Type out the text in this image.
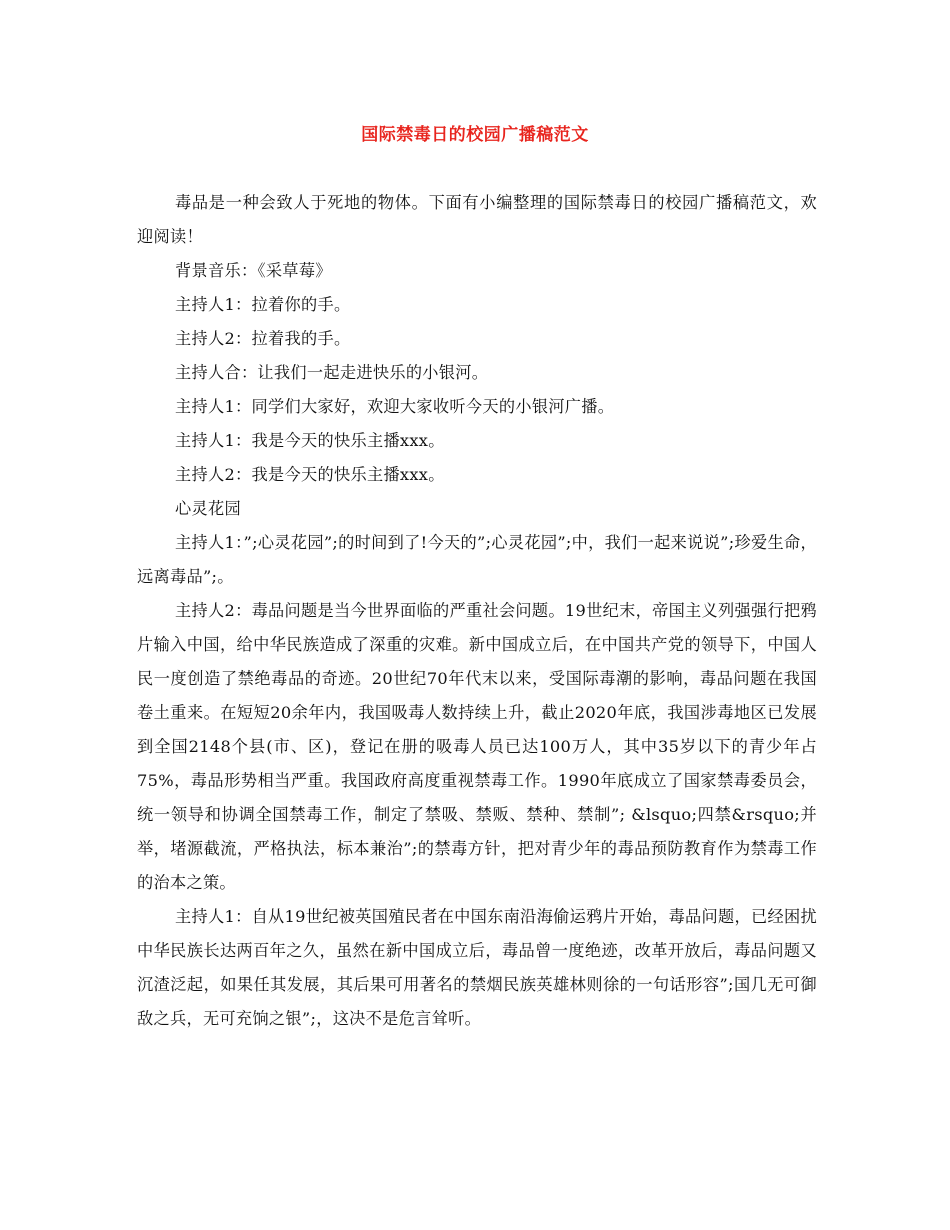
国际禁毒日的校园广播稿范文

毒品是一种会致人于死地的物体。下面有小编整理的国际禁毒日的校园广播稿范文，欢迎阅读！

背景音乐：《采草莓》

主持人1：拉着你的手。

主持人2：拉着我的手。

主持人合：让我们一起走进快乐的小银河。

主持人1：同学们大家好，欢迎大家收听今天的小银河广播。

主持人1：我是今天的快乐主播xxx。

主持人2：我是今天的快乐主播xxx。

心灵花园

主持人1：”;心灵花园”;的时间到了!今天的”;心灵花园”;中，我们一起来说说”;珍爱生命，远离毒品”;。

主持人2：毒品问题是当今世界面临的严重社会问题。19世纪末，帝国主义列强强行把鸦片输入中国，给中华民族造成了深重的灾难。新中国成立后，在中国共产党的领导下，中国人民一度创造了禁绝毒品的奇迹。20世纪70年代末以来，受国际毒潮的影响，毒品问题在我国卷土重来。在短短20余年内，我国吸毒人数持续上升，截止2020年底，我国涉毒地区已发展到全国2148个县(市、区)，登记在册的吸毒人员已达100万人，其中35岁以下的青少年占 75%，毒品形势相当严重。我国政府高度重视禁毒工作。1990年底成立了国家禁毒委员会，统一领导和协调全国禁毒工作，制定了禁吸、禁贩、禁种、禁制”; &lsquo;四禁&rsquo;并举，堵源截流，严格执法，标本兼治”;的禁毒方针，把对青少年的毒品预防教育作为禁毒工作的治本之策。

主持人1：自从19世纪被英国殖民者在中国东南沿海偷运鸦片开始，毒品问题，已经困扰中华民族长达两百年之久，虽然在新中国成立后，毒品曾一度绝迹，改革开放后，毒品问题又沉渣泛起，如果任其发展，其后果可用著名的禁烟民族英雄林则徐的一句话形容”;国几无可御敌之兵，无可充饷之银”;，这决不是危言耸听。
